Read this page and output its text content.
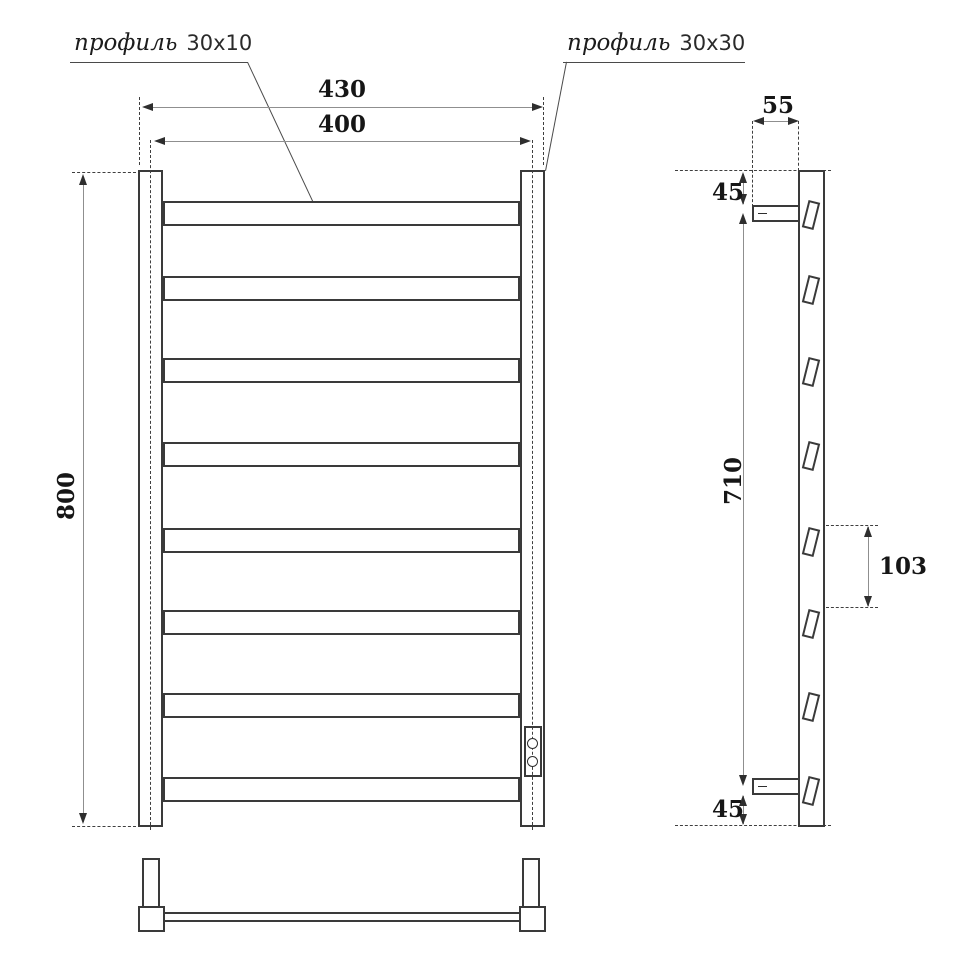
профиль 30x10	профиль 30x30
430
400
800
55
45
710
45
103
